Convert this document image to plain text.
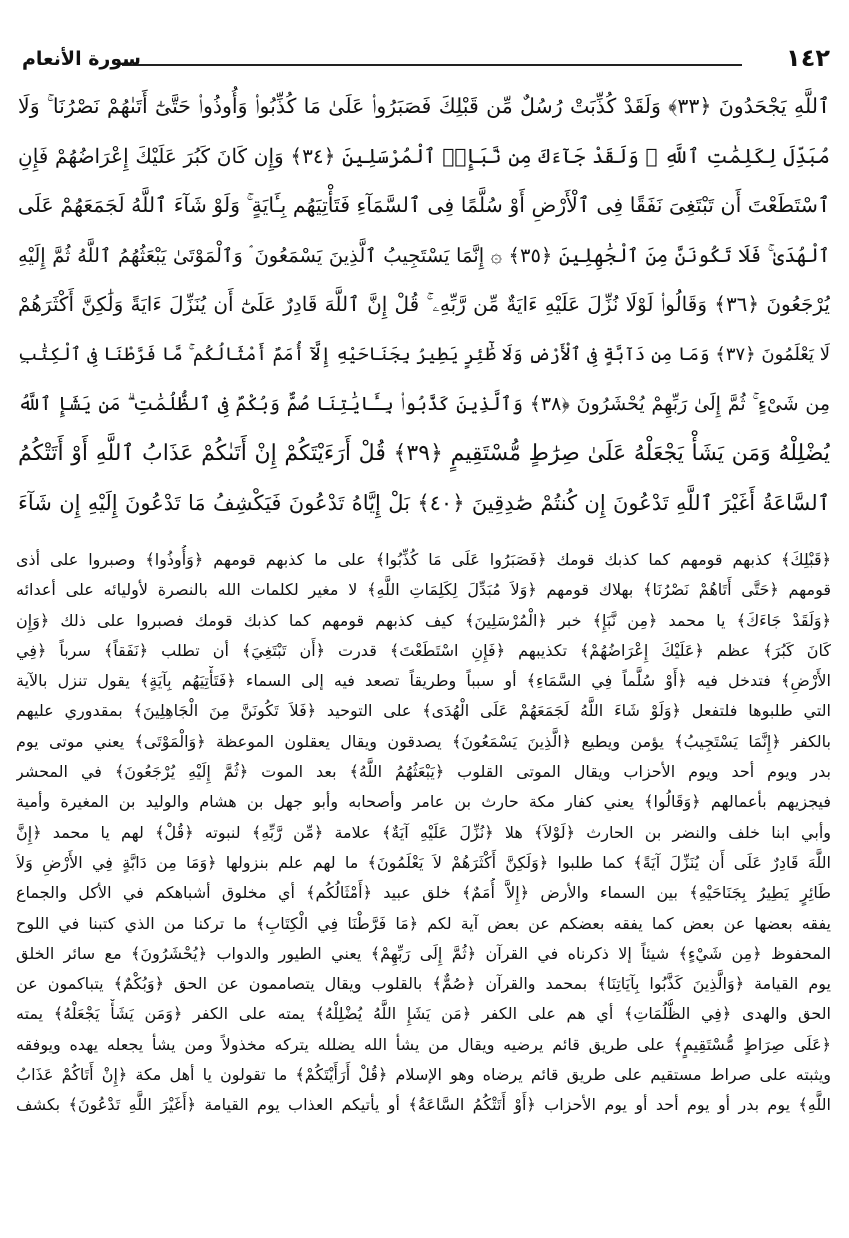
١٤٢
سورة الأنعام
ٱللَّهِ يَجْحَدُونَ ﴿٣٣﴾ وَلَقَدْ كُذِّبَتْ رُسُلٌ مِّن قَبْلِكَ فَصَبَرُوا۟ عَلَىٰ مَا كُذِّبُوا۟ وَأُوذُوا۟ حَتَّىٰٓ أَتَىٰهُمْ نَصْرُنَا ۚ وَلَا
مُبَدِّلَ لِكَلِمَٰتِ ٱللَّهِ ۚ وَلَقَدْ جَآءَكَ مِن نَّبَإِى۟ ٱلْمُرْسَلِينَ ﴿٣٤﴾ وَإِن كَانَ كَبُرَ عَلَيْكَ إِعْرَاضُهُمْ فَإِنِ
ٱسْتَطَعْتَ أَن تَبْتَغِىَ نَفَقًا فِى ٱلْأَرْضِ أَوْ سُلَّمًا فِى ٱلسَّمَآءِ فَتَأْتِيَهُم بِـَٔايَةٍ ۚ وَلَوْ شَآءَ ٱللَّهُ لَجَمَعَهُمْ عَلَى
ٱلْهُدَىٰ ۚ فَلَا تَكُونَنَّ مِنَ ٱلْجَٰهِلِينَ ﴿٣٥﴾ ۞ إِنَّمَا يَسْتَجِيبُ ٱلَّذِينَ يَسْمَعُونَ ۘ وَٱلْمَوْتَىٰ يَبْعَثُهُمُ ٱللَّهُ ثُمَّ إِلَيْهِ
يُرْجَعُونَ ﴿٣٦﴾ وَقَالُوا۟ لَوْلَا نُزِّلَ عَلَيْهِ ءَايَةٌ مِّن رَّبِّهِۦ ۚ قُلْ إِنَّ ٱللَّهَ قَادِرٌ عَلَىٰٓ أَن يُنَزِّلَ ءَايَةً وَلَٰكِنَّ أَكْثَرَهُمْ
لَا يَعْلَمُونَ ﴿٣٧﴾ وَمَا مِن دَآبَّةٍ فِى ٱلْأَرْضِ وَلَا طَٰٓئِرٍ يَطِيرُ بِجَنَاحَيْهِ إِلَّآ أُمَمٌ أَمْثَالُكُم ۚ مَّا فَرَّطْنَا فِى ٱلْكِتَٰبِ
مِن شَىْءٍ ۚ ثُمَّ إِلَىٰ رَبِّهِمْ يُحْشَرُونَ ﴿٣٨﴾ وَٱلَّذِينَ كَذَّبُوا۟ بِـَٔايَٰتِنَا صُمٌّ وَبُكْمٌ فِى ٱلظُّلُمَٰتِ ۗ مَن يَشَإِ ٱللَّهُ
يُضْلِلْهُ وَمَن يَشَأْ يَجْعَلْهُ عَلَىٰ صِرَٰطٍ مُّسْتَقِيمٍ ﴿٣٩﴾ قُلْ أَرَءَيْتَكُمْ إِنْ أَتَىٰكُمْ عَذَابُ ٱللَّهِ أَوْ أَتَتْكُمُ
ٱلسَّاعَةُ أَغَيْرَ ٱللَّهِ تَدْعُونَ إِن كُنتُمْ صَٰدِقِينَ ﴿٤٠﴾ بَلْ إِيَّاهُ تَدْعُونَ فَيَكْشِفُ مَا تَدْعُونَ إِلَيْهِ إِن شَآءَ
﴿قَبْلِكَ﴾ كذبهم قومهم كما كذبك قومك ﴿فَصَبَرُوا عَلَى مَا كُذِّبُوا﴾ على ما كذبهم قومهم ﴿وَأُوذُوا﴾ وصبروا على أذى
قومهم ﴿حَتَّى أَتَاهُمْ نَصْرُنَا﴾ بهلاك قومهم ﴿وَلاَ مُبَدِّلَ لِكَلِمَاتِ اللَّهِ﴾ لا مغير لكلمات الله بالنصرة لأوليائه على أعدائه
﴿وَلَقَدْ جَاءَكَ﴾ يا محمد ﴿مِن نَّبَإِ﴾ خبر ﴿الْمُرْسَلِينَ﴾ كيف كذبهم قومهم كما كذبك قومك فصبروا على ذلك ﴿وَإِن
كَانَ كَبُرَ﴾ عظم ﴿عَلَيْكَ إِعْرَاضُهُمْ﴾ تكذيبهم ﴿فَإِنِ اسْتَطَعْتَ﴾ قدرت ﴿أَن تَبْتَغِيَ﴾ أن تطلب ﴿نَفَقاً﴾ سرباً ﴿فِي
الأَرْضِ﴾ فتدخل فيه ﴿أَوْ سُلَّماً فِي السَّمَاءِ﴾ أو سبباً وطريقاً تصعد فيه إلى السماء ﴿فَتَأْتِيَهُم بِآيَةٍ﴾ يقول تنزل بالآية
التي طلبوها فلتفعل ﴿وَلَوْ شَاءَ اللَّهُ لَجَمَعَهُمْ عَلَى الْهُدَى﴾ على التوحيد ﴿فَلاَ تَكُونَنَّ مِنَ الْجَاهِلِينَ﴾ بمقدوري عليهم
بالكفر ﴿إِنَّمَا يَسْتَجِيبُ﴾ يؤمن ويطيع ﴿الَّذِينَ يَسْمَعُونَ﴾ يصدقون ويقال يعقلون الموعظة ﴿وَالْمَوْتَى﴾ يعني موتى يوم
بدر ويوم أحد ويوم الأحزاب ويقال الموتى القلوب ﴿يَبْعَثُهُمُ اللَّهُ﴾ بعد الموت ﴿ثُمَّ إِلَيْهِ يُرْجَعُونَ﴾ في المحشر
فيجزيهم بأعمالهم ﴿وَقَالُوا﴾ يعني كفار مكة حارث بن عامر وأصحابه وأبو جهل بن هشام والوليد بن المغيرة وأمية
وأبي ابنا خلف والنضر بن الحارث ﴿لَوْلاَ﴾ هلا ﴿نُزِّلَ عَلَيْهِ آيَةٌ﴾ علامة ﴿مِّن رَّبِّهِ﴾ لنبوته ﴿قُلْ﴾ لهم يا محمد ﴿إِنَّ
اللَّهَ قَادِرٌ عَلَى أَن يُنَزِّلَ آيَةً﴾ كما طلبوا ﴿وَلَكِنَّ أَكْثَرَهُمْ لاَ يَعْلَمُونَ﴾ ما لهم علم بنزولها ﴿وَمَا مِن دَابَّةٍ فِي الأَرْضِ وَلاَ
طَائِرٍ يَطِيرُ بِجَنَاحَيْهِ﴾ بين السماء والأرض ﴿إِلاَّ أُمَمٌ﴾ خلق عبيد ﴿أَمْثَالُكُم﴾ أي مخلوق أشباهكم في الأكل والجماع
يفقه بعضها عن بعض كما يفقه بعضكم عن بعض آية لكم ﴿مَا فَرَّطْنَا فِي الْكِتَابِ﴾ ما تركنا من الذي كتبنا في اللوح
المحفوظ ﴿مِن شَيْءٍ﴾ شيئاً إلا ذكرناه في القرآن ﴿ثُمَّ إِلَى رَبِّهِمْ﴾ يعني الطيور والدواب ﴿يُحْشَرُونَ﴾ مع سائر الخلق
يوم القيامة ﴿وَالَّذِينَ كَذَّبُوا بِآيَاتِنَا﴾ بمحمد والقرآن ﴿صُمٌّ﴾ بالقلوب ويقال يتصاممون عن الحق ﴿وَبُكْمٌ﴾ يتباكمون عن
الحق والهدى ﴿فِي الظُّلُمَاتِ﴾ أي هم على الكفر ﴿مَن يَشَإِ اللَّهُ يُضْلِلْهُ﴾ يمته على الكفر ﴿وَمَن يَشَأْ يَجْعَلْهُ﴾ يمته
﴿عَلَى صِرَاطٍ مُّسْتَقِيمٍ﴾ على طريق قائم يرضيه ويقال من يشأ الله يضلله يتركه مخذولاً ومن يشأ يجعله يهده ويوفقه
ويثبته على صراط مستقيم على طريق قائم يرضاه وهو الإسلام ﴿قُلْ أَرَأَيْتَكُمْ﴾ ما تقولون يا أهل مكة ﴿إِنْ أَتَاكُمْ عَذَابُ
اللَّهِ﴾ يوم بدر أو يوم أحد أو يوم الأحزاب ﴿أَوْ أَتَتْكُمُ السَّاعَةُ﴾ أو يأتيكم العذاب يوم القيامة ﴿أَغَيْرَ اللَّهِ تَدْعُونَ﴾ بكشف
